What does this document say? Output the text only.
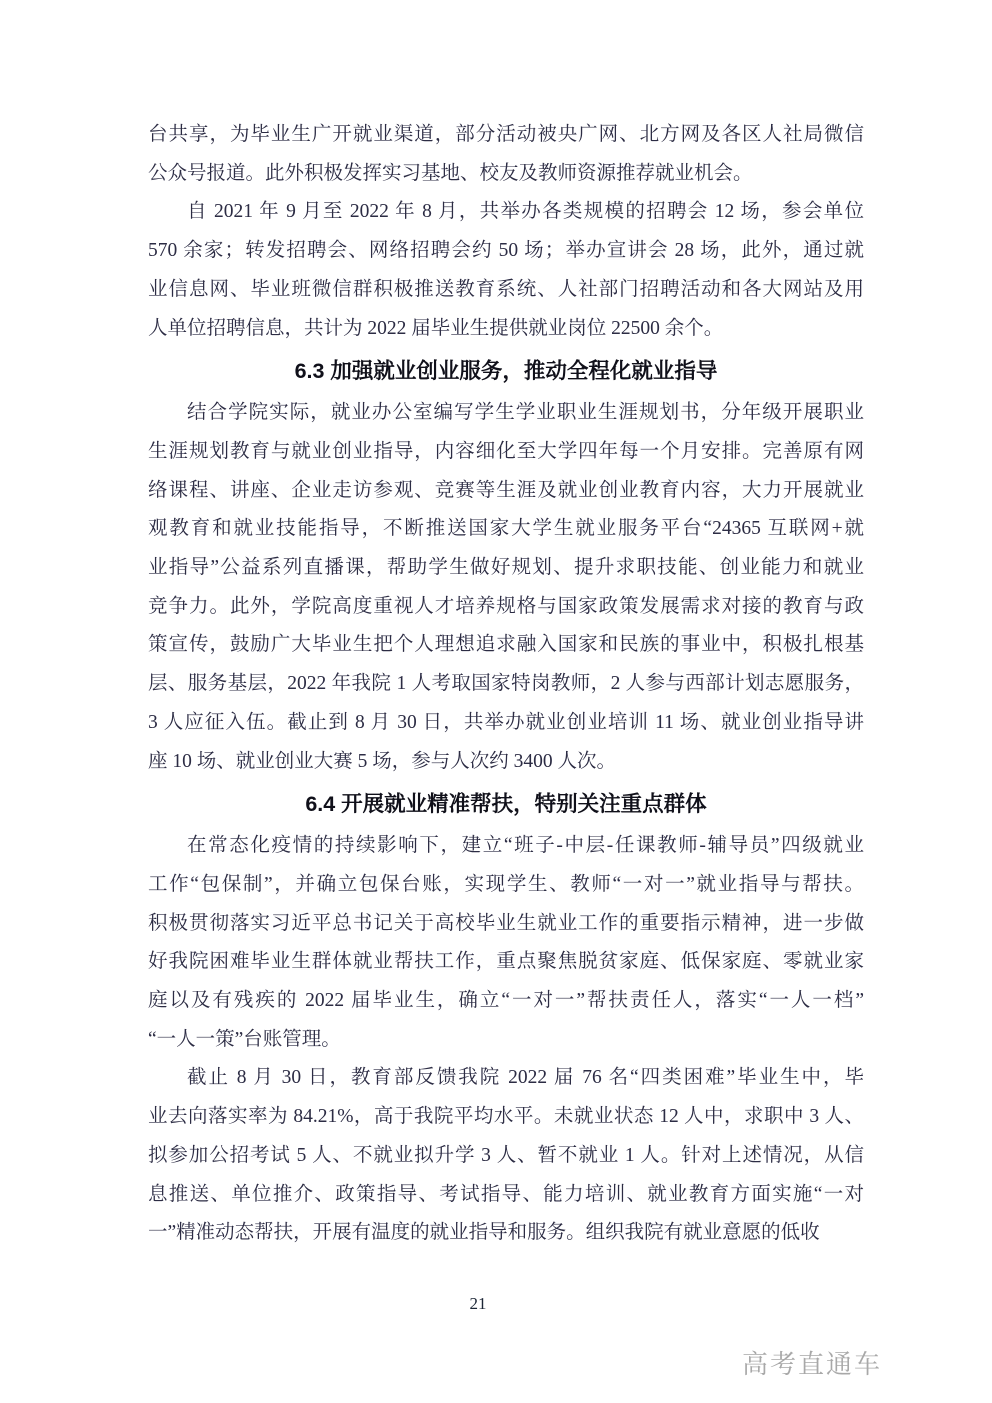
台共享，为毕业生广开就业渠道，部分活动被央广网、北方网及各区人社局微信
公众号报道。此外积极发挥实习基地、校友及教师资源推荐就业机会。
自 2021 年 9 月至 2022 年 8 月，共举办各类规模的招聘会 12 场，参会单位
570 余家；转发招聘会、网络招聘会约 50 场；举办宣讲会 28 场，此外，通过就
业信息网、毕业班微信群积极推送教育系统、人社部门招聘活动和各大网站及用
人单位招聘信息，共计为 2022 届毕业生提供就业岗位 22500 余个。
6.3 加强就业创业服务，推动全程化就业指导
结合学院实际，就业办公室编写学生学业职业生涯规划书，分年级开展职业
生涯规划教育与就业创业指导，内容细化至大学四年每一个月安排。完善原有网
络课程、讲座、企业走访参观、竞赛等生涯及就业创业教育内容，大力开展就业
观教育和就业技能指导，不断推送国家大学生就业服务平台“24365 互联网+就
业指导”公益系列直播课，帮助学生做好规划、提升求职技能、创业能力和就业
竞争力。此外，学院高度重视人才培养规格与国家政策发展需求对接的教育与政
策宣传，鼓励广大毕业生把个人理想追求融入国家和民族的事业中，积极扎根基
层、服务基层，2022 年我院 1 人考取国家特岗教师，2 人参与西部计划志愿服务，
3 人应征入伍。截止到 8 月 30 日，共举办就业创业培训 11 场、就业创业指导讲
座 10 场、就业创业大赛 5 场，参与人次约 3400 人次。
6.4 开展就业精准帮扶，特别关注重点群体
在常态化疫情的持续影响下，建立“班子-中层-任课教师-辅导员”四级就业
工作“包保制”，并确立包保台账，实现学生、教师“一对一”就业指导与帮扶。
积极贯彻落实习近平总书记关于高校毕业生就业工作的重要指示精神，进一步做
好我院困难毕业生群体就业帮扶工作，重点聚焦脱贫家庭、低保家庭、零就业家
庭以及有残疾的 2022 届毕业生，确立“一对一”帮扶责任人，落实“一人一档”
“一人一策”台账管理。
截止 8 月 30 日，教育部反馈我院 2022 届 76 名“四类困难”毕业生中，毕
业去向落实率为 84.21%，高于我院平均水平。未就业状态 12 人中，求职中 3 人、
拟参加公招考试 5 人、不就业拟升学 3 人、暂不就业 1 人。针对上述情况，从信
息推送、单位推介、政策指导、考试指导、能力培训、就业教育方面实施“一对
一”精准动态帮扶，开展有温度的就业指导和服务。组织我院有就业意愿的低收
21
高考直通车
